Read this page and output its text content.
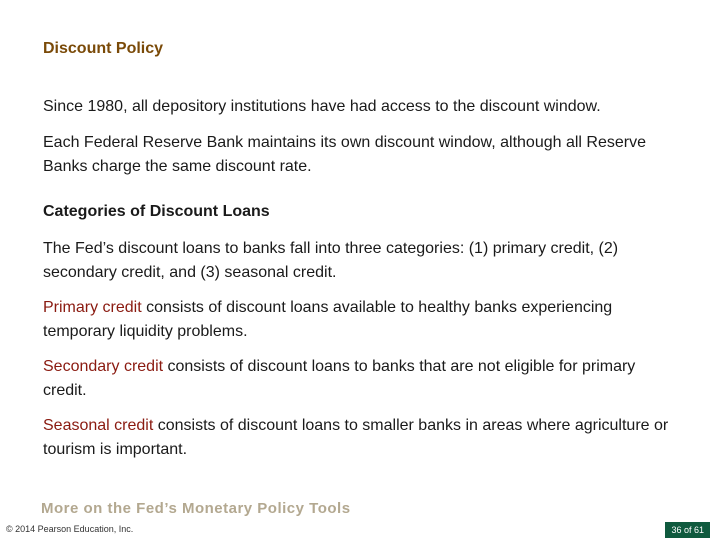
Discount Policy
Since 1980, all depository institutions have had access to the discount window.
Each Federal Reserve Bank maintains its own discount window, although all Reserve Banks charge the same discount rate.
Categories of Discount Loans
The Fed’s discount loans to banks fall into three categories: (1) primary credit, (2) secondary credit, and (3) seasonal credit.
Primary credit consists of discount loans available to healthy banks experiencing temporary liquidity problems.
Secondary credit consists of discount loans to banks that are not eligible for primary credit.
Seasonal credit consists of discount loans to smaller banks in areas where agriculture or tourism is important.
More on the Fed’s Monetary Policy Tools
© 2014 Pearson Education, Inc.	36 of 61
